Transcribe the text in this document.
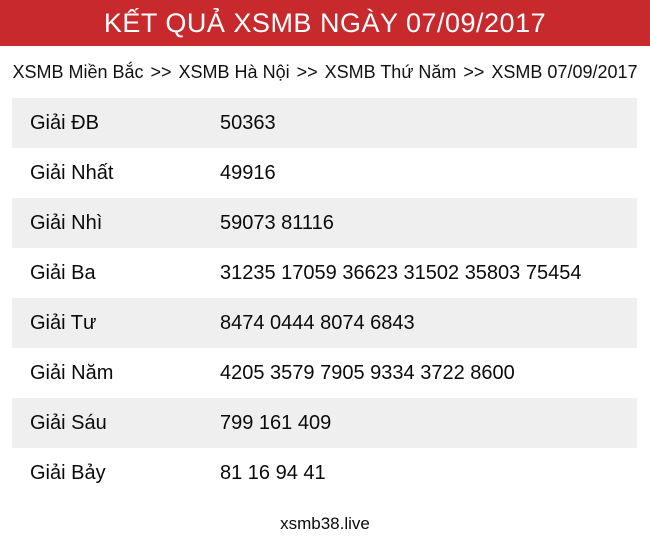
KẾT QUẢ XSMB NGÀY 07/09/2017
XSMB Miền Bắc >> XSMB Hà Nội >> XSMB Thứ Năm >> XSMB 07/09/2017
Giải ĐB	50363
Giải Nhất	49916
Giải Nhì	59073 81116
Giải Ba	31235 17059 36623 31502 35803 75454
Giải Tư	8474 0444 8074 6843
Giải Năm	4205 3579 7905 9334 3722 8600
Giải Sáu	799 161 409
Giải Bảy	81 16 94 41
xsmb38.live
